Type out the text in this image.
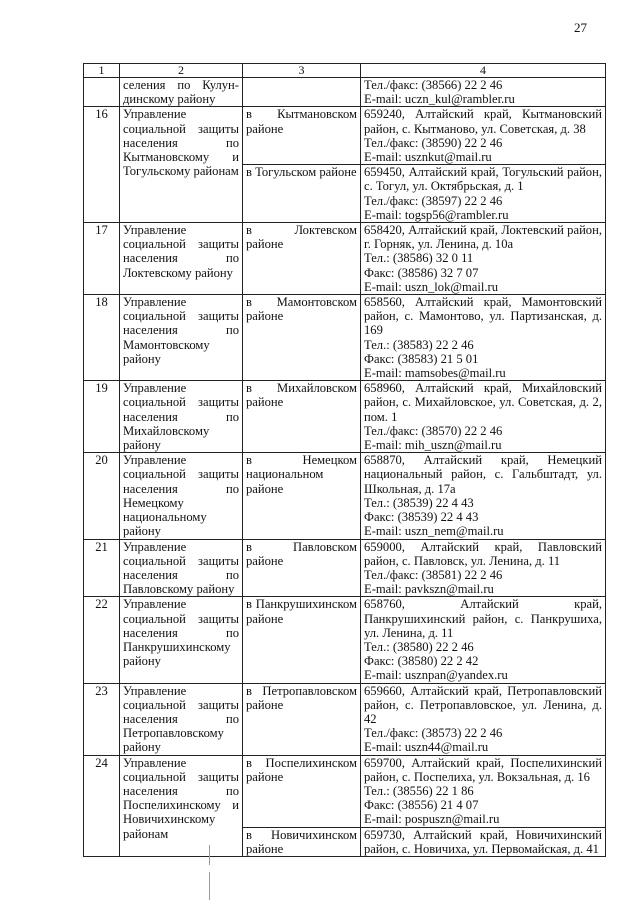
27
1	2	3	4
	селения по Кулун-динскому району		Тел./факс: (38566) 22 2 46
E-mail: uczn_kul@rambler.ru

16	Управление социальной защиты населения по Кытмановскому и Тогульскому районам	в Кытмановском районе	659240, Алтайский край, Кытмановский район, с. Кытманово, ул. Советская, д. 38
Тел./факс: (38590) 22 2 46
E-mail: usznkut@mail.ru

		в Тогульском районе	659450, Алтайский край, Тогульский район, с. Тогул, ул. Октябрьская, д. 1
Тел./факс: (38597) 22 2 46
E-mail: togsp56@rambler.ru

17	Управление социальной защиты населения по Локтевскому району	в Локтевском районе	658420, Алтайский край, Локтевский район, г. Горняк, ул. Ленина, д. 10а
Тел.: (38586) 32 0 11
Факс: (38586) 32 7 07
E-mail: uszn_lok@mail.ru

18	Управление социальной защиты населения по Мамонтовскому району	в Мамонтовском районе	658560, Алтайский край, Мамонтовский район, с. Мамонтово, ул. Партизанская, д. 169
Тел.: (38583) 22 2 46
Факс: (38583) 21 5 01
E-mail: mamsobes@mail.ru

19	Управление социальной защиты населения по Михайловскому району	в Михайловском районе	658960, Алтайский край, Михайловский район, с. Михайловское, ул. Советская, д. 2, пом. 1
Тел./факс: (38570) 22 2 46
E-mail: mih_uszn@mail.ru

20	Управление социальной защиты населения по Немецкому национальному району	в Немецком национальном районе	658870, Алтайский край, Немецкий национальный район, с. Гальбштадт, ул. Школьная, д. 17а
Тел.: (38539) 22 4 43
Факс: (38539) 22 4 43
E-mail: uszn_nem@mail.ru

21	Управление социальной защиты населения по Павловскому району	в Павловском районе	659000, Алтайский край, Павловский район, с. Павловск, ул. Ленина, д. 11
Тел./факс: (38581) 22 2 46
E-mail: pavkszn@mail.ru

22	Управление социальной защиты населения по Панкрушихинскому району	в Панкрушихинском районе	658760, Алтайский край, Панкрушихинский район, с. Панкрушиха, ул. Ленина, д. 11
Тел.: (38580) 22 2 46
Факс: (38580) 22 2 42
E-mail: usznpan@yandex.ru

23	Управление социальной защиты населения по Петропавловскому району	в Петропавловском районе	659660, Алтайский край, Петропавловский район, с. Петропавловское, ул. Ленина, д. 42
Тел./факс: (38573) 22 2 46
E-mail: uszn44@mail.ru

24	Управление социальной защиты населения по Поспелихинскому и Новичихинскому районам	в Поспелихинском районе	659700, Алтайский край, Поспелихинский район, с. Поспелиха, ул. Вокзальная, д. 16
Тел.: (38556) 22 1 86
Факс: (38556) 21 4 07
E-mail: pospuszn@mail.ru

		в Новичихинском районе	659730, Алтайский край, Новичихинский район, с. Новичиха, ул. Первомайская, д. 41
